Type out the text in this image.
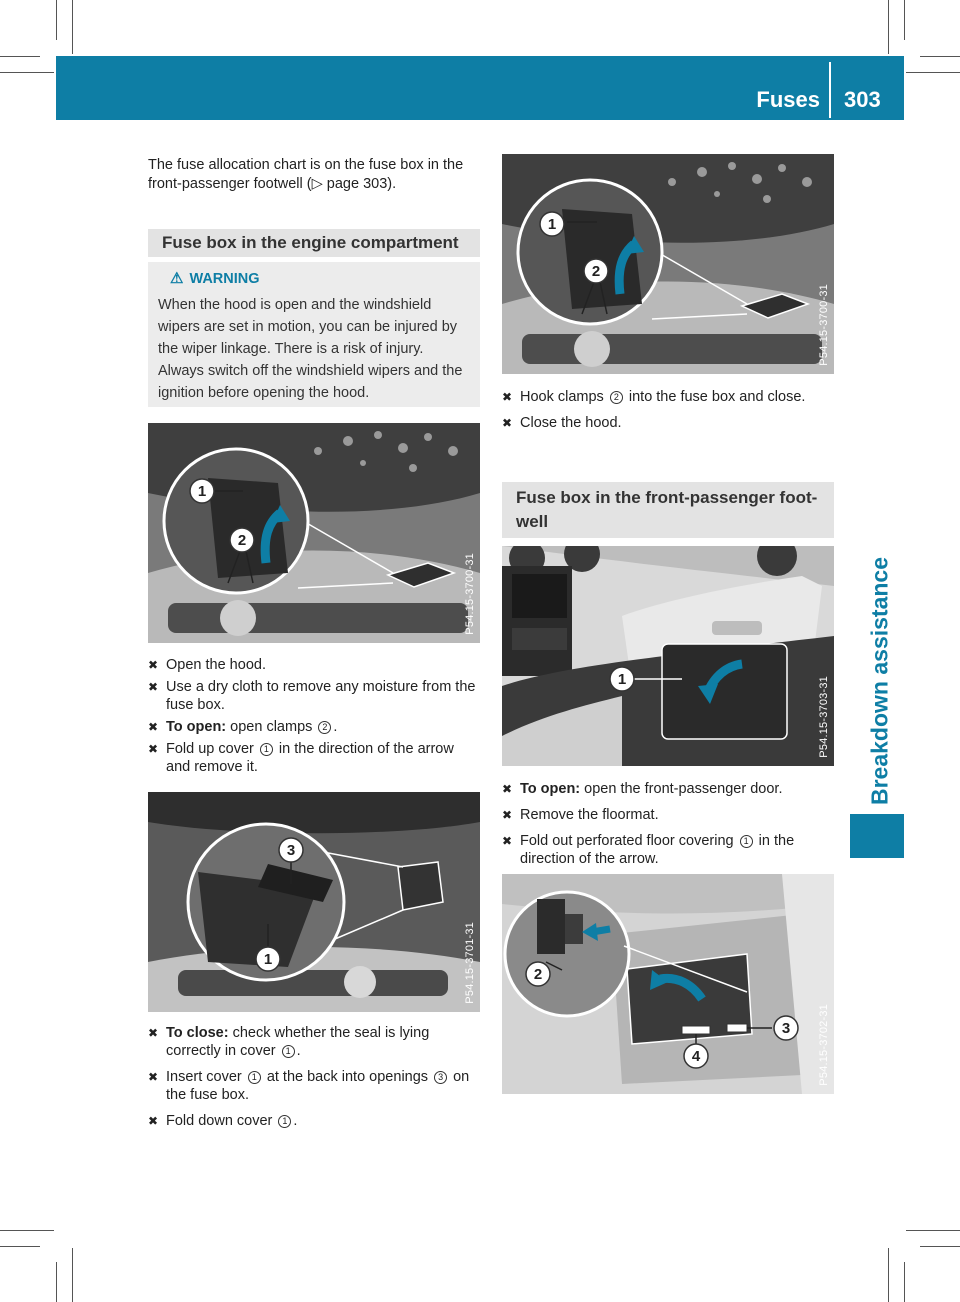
Fuses 303
Breakdown assistance
The fuse allocation chart is on the fuse box in the front-passenger footwell (▷ page 303).
Fuse box in the engine compartment
⚠ WARNING
When the hood is open and the windshield wipers are set in motion, you can be injured by the wiper linkage. There is a risk of injury.
Always switch off the windshield wipers and the ignition before opening the hood.
1
2
P54.15-3700-31
✖ Open the hood.
✖ Use a dry cloth to remove any moisture from the fuse box.
✖ To open: open clamps 2 .
✖ Fold up cover 1 in the direction of the arrow and remove it.
3
1	P54.15-3701-31
✖ To close: check whether the seal is lying correctly in cover 1 .
✖ Insert cover 1 at the back into openings 3 on the fuse box.
✖ Fold down cover 1 .
1
2
P54.15-3700-31
✖ Hook clamps 2 into the fuse box and close.
✖ Close the hood.
Fuse box in the front-passenger foot-
well
1	P54.15-3703-31
✖ To open: open the front-passenger door.
✖ Remove the floormat.
✖ Fold out perforated floor covering 1 in the direction of the arrow.
2
3
4	P54.15-3702-31
